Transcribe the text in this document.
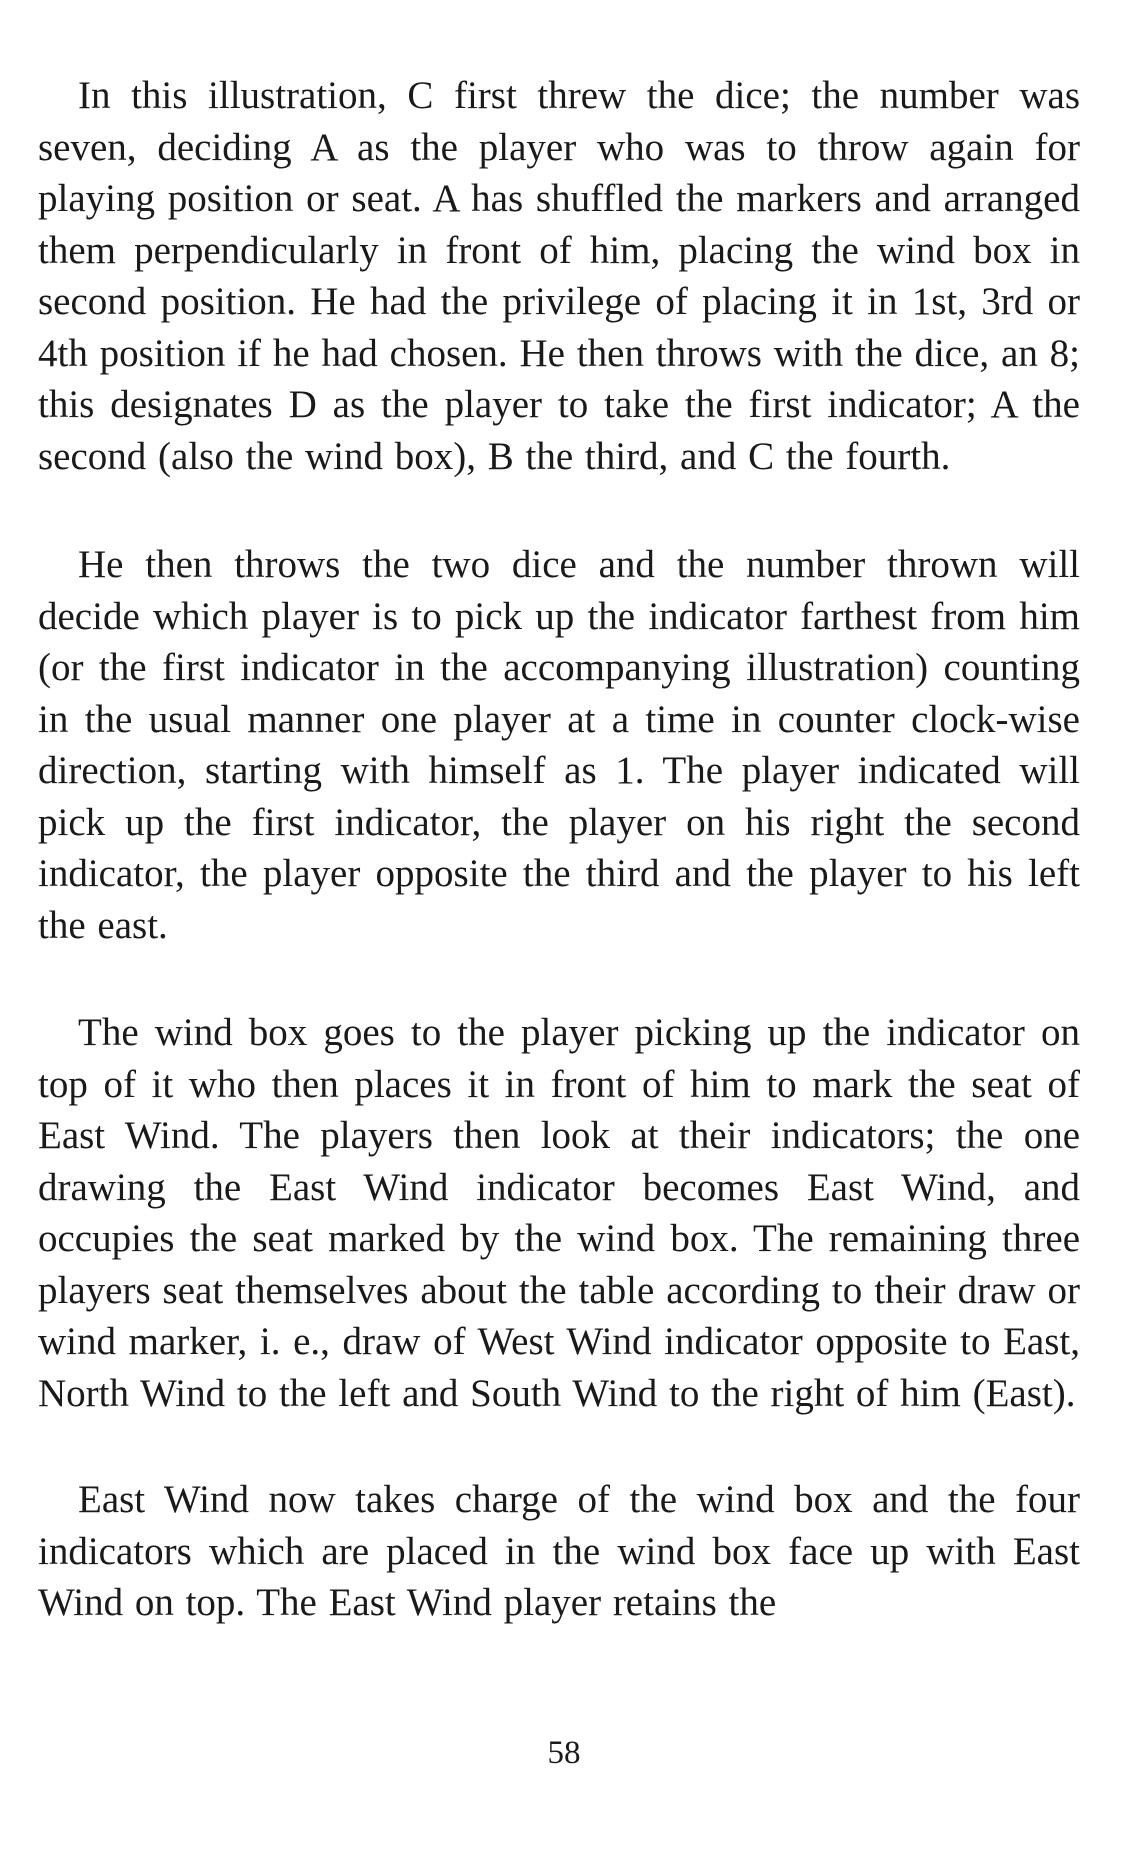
In this illustration, C first threw the dice; the number was seven, deciding A as the player who was to throw again for playing position or seat. A has shuffled the markers and arranged them perpendicularly in front of him, placing the wind box in second position. He had the privilege of placing it in 1st, 3rd or 4th position if he had chosen. He then throws with the dice, an 8; this designates D as the player to take the first indicator; A the second (also the wind box), B the third, and C the fourth.

He then throws the two dice and the number thrown will decide which player is to pick up the indicator farthest from him (or the first indicator in the accompanying illustration) counting in the usual manner one player at a time in counter clock-wise direction, starting with himself as 1. The player indicated will pick up the first indicator, the player on his right the second indicator, the player opposite the third and the player to his left the east.

The wind box goes to the player picking up the indicator on top of it who then places it in front of him to mark the seat of East Wind. The players then look at their indicators; the one drawing the East Wind indicator becomes East Wind, and occupies the seat marked by the wind box. The remaining three players seat themselves about the table according to their draw or wind marker, i. e., draw of West Wind indicator opposite to East, North Wind to the left and South Wind to the right of him (East).

East Wind now takes charge of the wind box and the four indicators which are placed in the wind box face up with East Wind on top. The East Wind player retains the

58
